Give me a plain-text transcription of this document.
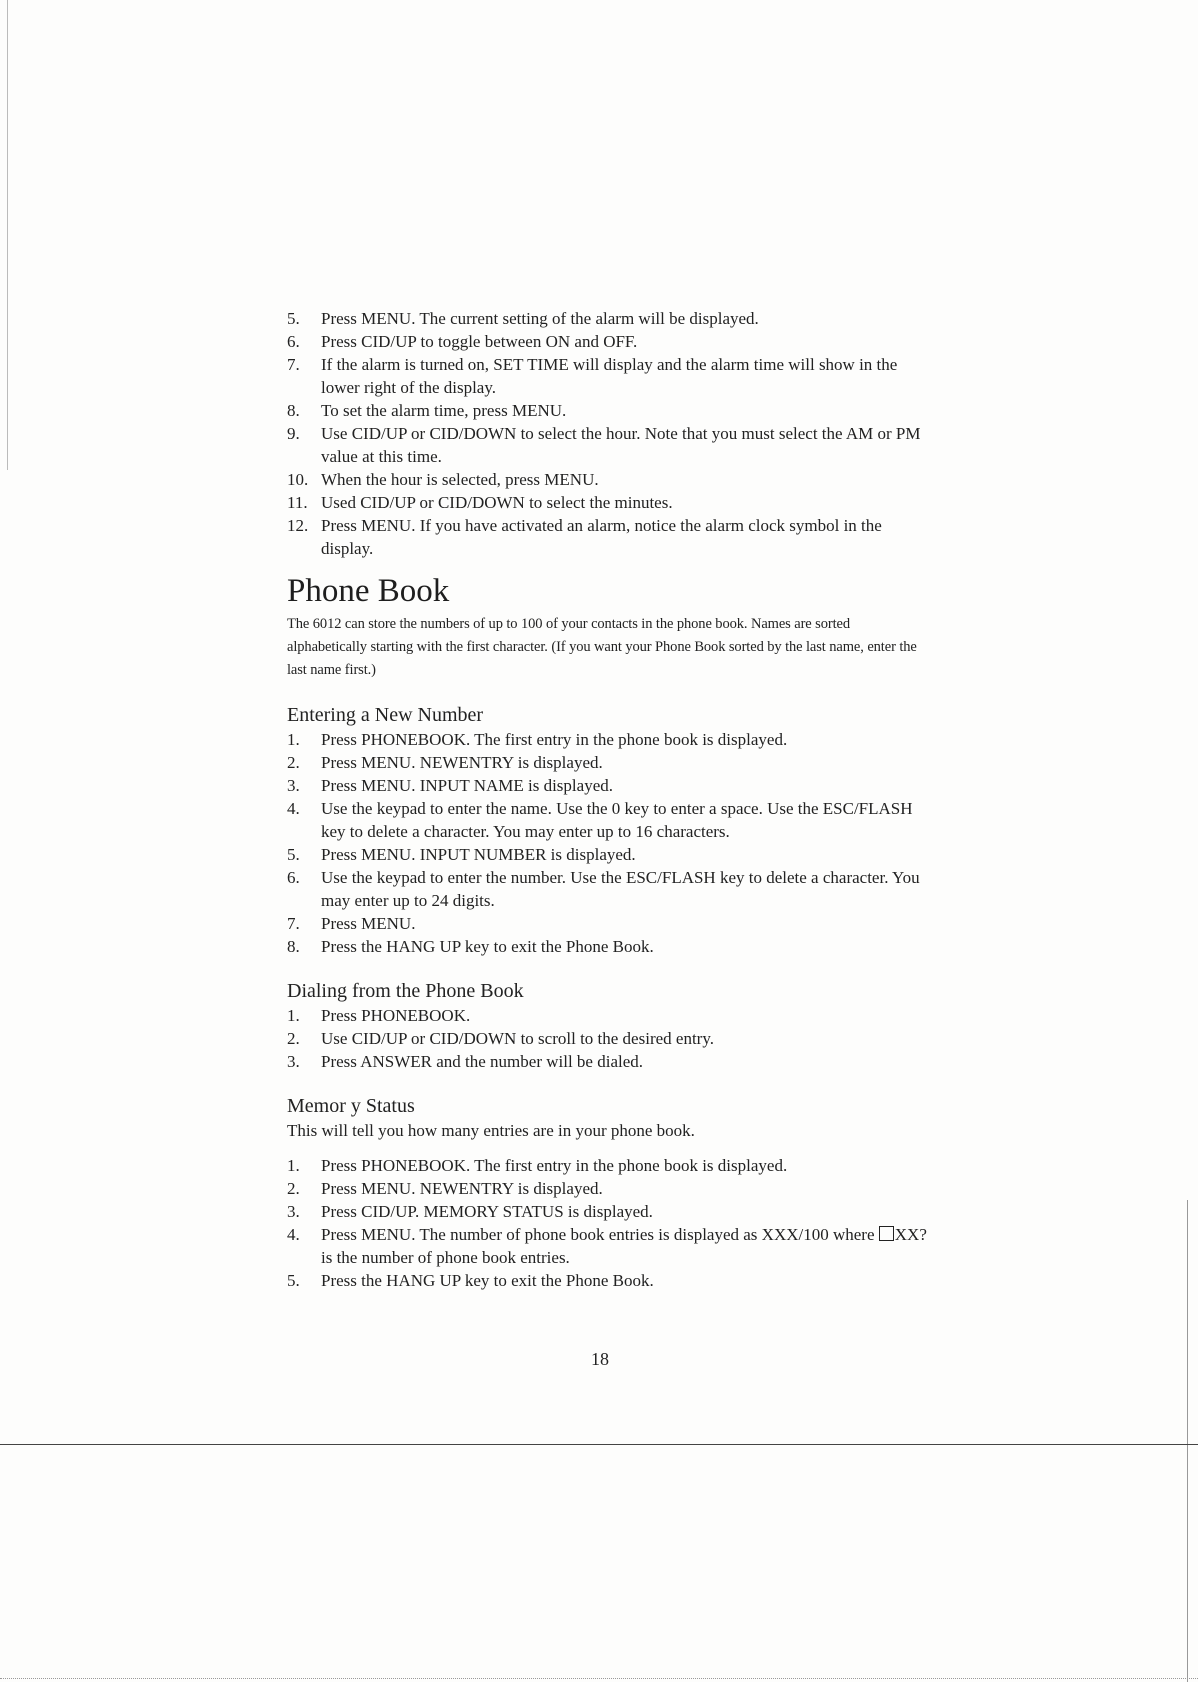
5. Press MENU. The current setting of the alarm will be displayed.
6. Press CID/UP to toggle between ON and OFF.
7. If the alarm is turned on, SET TIME will display and the alarm time will show in the lower right of the display.
8. To set the alarm time, press MENU.
9. Use CID/UP or CID/DOWN to select the hour. Note that you must select the AM or PM value at this time.
10. When the hour is selected, press MENU.
11. Used CID/UP or CID/DOWN to select the minutes.
12. Press MENU. If you have activated an alarm, notice the alarm clock symbol in the display.
Phone Book

The 6012 can store the numbers of up to 100 of your contacts in the phone book. Names are sorted alphabetically starting with the first character. (If you want your Phone Book sorted by the last name, enter the last name first.)

Entering a New Number
1. Press PHONEBOOK. The first entry in the phone book is displayed.
2. Press MENU. NEWENTRY is displayed.
3. Press MENU. INPUT NAME is displayed.
4. Use the keypad to enter the name. Use the 0 key to enter a space. Use the ESC/FLASH key to delete a character. You may enter up to 16 characters.
5. Press MENU. INPUT NUMBER is displayed.
6. Use the keypad to enter the number. Use the ESC/FLASH key to delete a character. You may enter up to 24 digits.
7. Press MENU.
8. Press the HANG UP key to exit the Phone Book.
Dialing from the Phone Book
1. Press PHONEBOOK.
2. Use CID/UP or CID/DOWN to scroll to the desired entry.
3. Press ANSWER and the number will be dialed.
Memor y Status

This will tell you how many entries are in your phone book.

1. Press PHONEBOOK. The first entry in the phone book is displayed.
2. Press MENU. NEWENTRY is displayed.
3. Press CID/UP. MEMORY STATUS is displayed.
4. Press MENU. The number of phone book entries is displayed as XXX/100 where XX?is the number of phone book entries.
5. Press the HANG UP key to exit the Phone Book.
18
